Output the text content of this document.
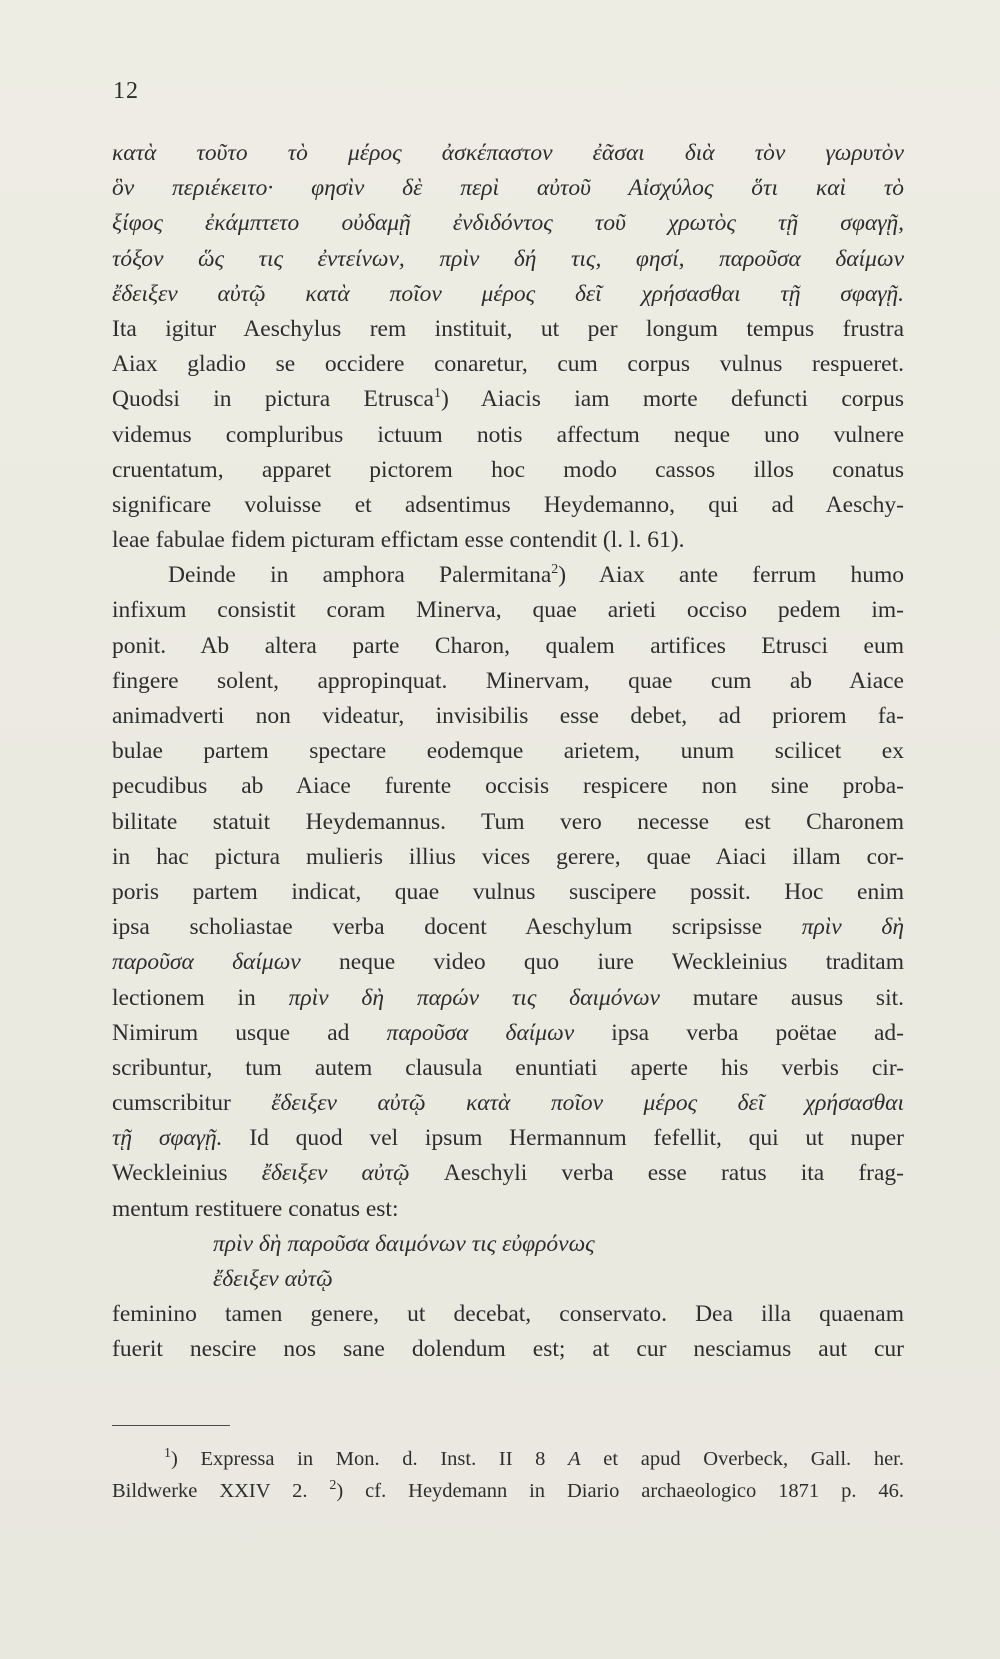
12
κατὰ τοῦτο τὸ μέρος ἀσκέπαστον ἐᾶσαι διὰ τὸν γωρυτὸν
ὃν περιέκειτο· φησὶν δὲ περὶ αὐτοῦ Αἰσχύλος ὅτι καὶ τὸ
ξίφος ἐκάμπτετο οὐδαμῇ ἐνδιδόντος τοῦ χρωτὸς τῇ σφαγῇ,
τόξον ὥς τις ἐντείνων, πρὶν δή τις, φησί, παροῦσα δαίμων
ἔδειξεν αὐτῷ κατὰ ποῖον μέρος δεῖ χρήσασθαι τῇ σφαγῇ.
Ita igitur Aeschylus rem instituit, ut per longum tempus frustra
Aiax gladio se occidere conaretur, cum corpus vulnus respueret.
Quodsi in pictura Etrusca$^1$) Aiacis iam morte defuncti corpus
videmus compluribus ictuum notis affectum neque uno vulnere
cruentatum, apparet pictorem hoc modo cassos illos conatus
significare voluisse et adsentimus Heydemanno, qui ad Aeschy-
leae fabulae fidem picturam effictam esse contendit (l. l. 61).
Deinde in amphora Palermitana$^2$) Aiax ante ferrum humo
infixum consistit coram Minerva, quae arieti occiso pedem im-
ponit. Ab altera parte Charon, qualem artifices Etrusci eum
fingere solent, appropinquat. Minervam, quae cum ab Aiace
animadverti non videatur, invisibilis esse debet, ad priorem fa-
bulae partem spectare eodemque arietem, unum scilicet ex
pecudibus ab Aiace furente occisis respicere non sine proba-
bilitate statuit Heydemannus. Tum vero necesse est Charonem
in hac pictura mulieris illius vices gerere, quae Aiaci illam cor-
poris partem indicat, quae vulnus suscipere possit. Hoc enim
ipsa scholiastae verba docent Aeschylum scripsisse πρὶν δὴ
παροῦσα δαίμων neque video quo iure Weckleinius traditam
lectionem in πρὶν δὴ παρών τις δαιμόνων mutare ausus sit.
Nimirum usque ad παροῦσα δαίμων ipsa verba poëtae ad-
scribuntur, tum autem clausula enuntiati aperte his verbis cir-
cumscribitur ἔδειξεν αὐτῷ κατὰ ποῖον μέρος δεῖ χρήσασθαι
τῇ σφαγῇ. Id quod vel ipsum Hermannum fefellit, qui ut nuper
Weckleinius ἔδειξεν αὐτῷ Aeschyli verba esse ratus ita frag-
mentum restituere conatus est:
πρὶν δὴ παροῦσα δαιμόνων τις εὐφρόνως
ἔδειξεν αὐτῷ
feminino tamen genere, ut decebat, conservato. Dea illa quaenam
fuerit nescire nos sane dolendum est; at cur nesciamus aut cur
$^1$) Expressa in Mon. d. Inst. II 8 A et apud Overbeck, Gall. her.
Bildwerke XXIV 2. $^2$) cf. Heydemann in Diario archaeologico 1871 p. 46.
